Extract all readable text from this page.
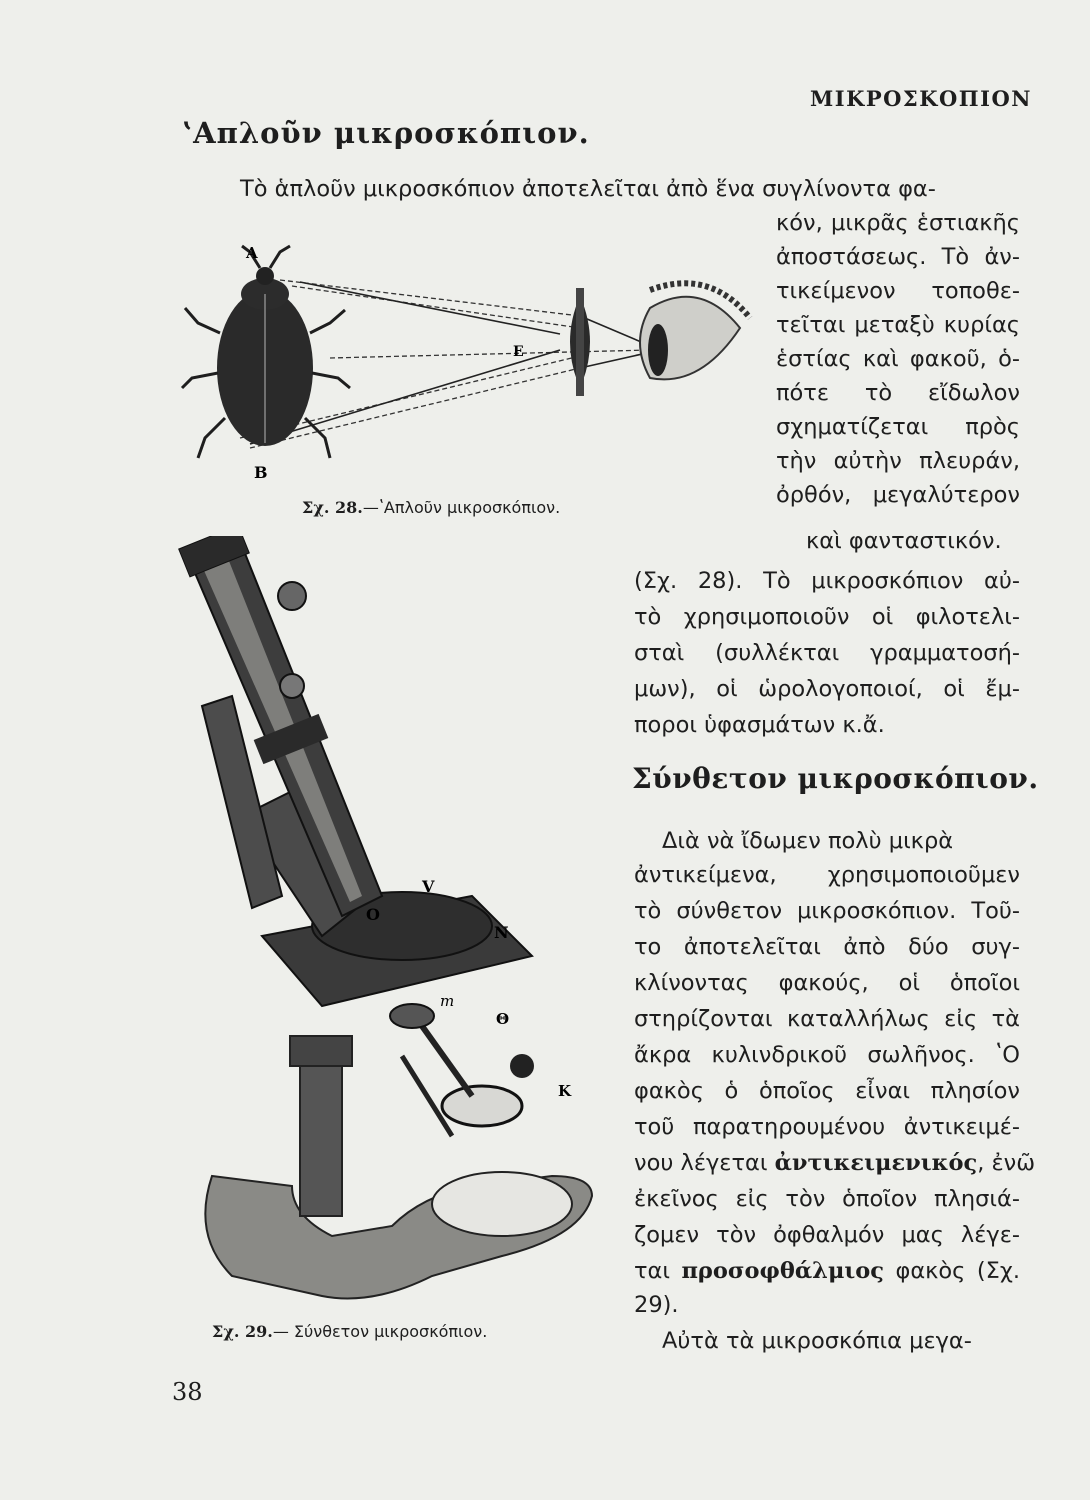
ΜΙΚΡΟΣΚΟΠΙΟΝ
ʽΑπλοῦν μικροσκόπιον.
Τὸ ἁπλοῦν μικροσκόπιον ἀποτελεῖται ἀπὸ ἕνα συγλίνοντα φα-
κόν, μικρᾶς ἑστιακῆς
ἀποστάσεως. Τὸ ἀν-
τικείμενον τοποθε-
τεῖται μεταξὺ κυρίας
ἑστίας καὶ φακοῦ, ὁ-
πότε τὸ εἴδωλον
σχηματίζεται πρὸς
τὴν αὐτὴν πλευράν,
ὀρθόν, μεγαλύτερον
καὶ φανταστικόν.
(Σχ. 28). Τὸ μικροσκόπιον αὐ-
τὸ χρησιμοποιοῦν οἱ φιλοτελι-
σταὶ (συλλέκται γραμματοσή-
μων), οἱ ὡρολογοποιοί, οἱ ἔμ-
ποροι ὑφασμάτων κ.ἄ.
Α
Β
Ε
Σχ. 28.—ʽΑπλοῦν μικροσκόπιον.
Σύνθετον μικροσκόπιον.
Διὰ νὰ ἴδωμεν πολὺ μικρὰ
ἀντικείμενα, χρησιμοποιοῦμεν
τὸ σύνθετον μικροσκόπιον. Τοῦ-
το ἀποτελεῖται ἀπὸ δύο συγ-
κλίνοντας φακούς, οἱ ὁποῖοι
στηρίζονται καταλλήλως εἰς τὰ
ἄκρα κυλινδρικοῦ σωλῆνος. ʽΟ
φακὸς ὁ ὁποῖος εἶναι πλησίον
τοῦ παρατηρουμένου ἀντικειμέ-
νου λέγεται ἀντικειμενικός, ἐνῶ
ἐκεῖνος εἰς τὸν ὁποῖον πλησιά-
ζομεν τὸν ὀφθαλμόν μας λέγε-
ται προσοφθάλμιος φακὸς (Σχ.
29).
Αὐτὰ τὰ μικροσκόπια μεγα-
Ο
V
Ν
m
Θ
Κ
Σχ. 29.— Σύνθετον μικροσκόπιον.
38
